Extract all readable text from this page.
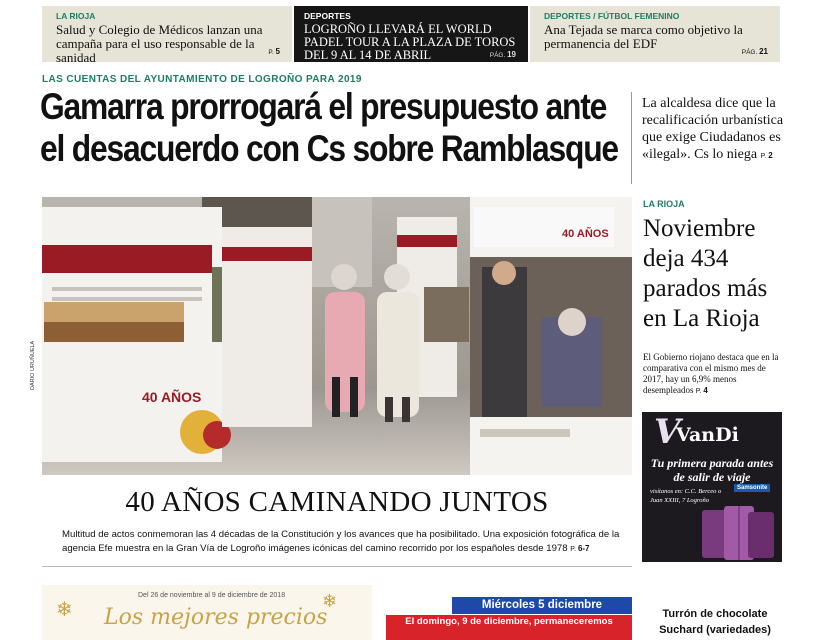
LA RIOJA
Salud y Colegio de Médicos lanzan una campaña para el uso responsable de la sanidad	P. 5
DEPORTES
LOGROÑO LLEVARÁ EL WORLD PADEL TOUR A LA PLAZA DE TOROS DEL 9 AL 14 DE ABRIL	PÁG. 19
DEPORTES / FÚTBOL FEMENINO
Ana Tejada se marca como objetivo la permanencia del EDF
PÁG. 21
LAS CUENTAS DEL AYUNTAMIENTO DE LOGROÑO PARA 2019
Gamarra prorrogará el presupuesto ante
el desacuerdo con Cs sobre Ramblasque
La alcaldesa dice que la recalificación urbanística que exige Ciudadanos es «ilegal». Cs lo niega P. 2
40 AÑOS
40 AÑOS
DARIO URUÑUELA
40 AÑOS CAMINANDO JUNTOS
Multitud de actos conmemoran las 4 décadas de la Constitución y los avances que ha posibilitado. Una exposición fotográfica de la agencia Efe muestra en la Gran Vía de Logroño imágenes icónicas del camino recorrido por los españoles desde 1978 P. 6-7
LA RIOJA
Noviembre deja 434 parados más en La Rioja
El Gobierno riojano destaca que en la comparativa con el mismo mes de 2017, hay un 6,9% menos desempleados P. 4
V
VanDi
Tu primera parada antes de salir de viaje
visítanos en: C.C. Berceo o Juan XXIII, 7 Logroño
Samsonite
Del 26 de noviembre al 9 de diciembre de 2018
Los mejores precios
❄	❄	Miércoles 5 diciembre
El domingo, 9 de diciembre, permaneceremos
Turrón de chocolate Suchard (variedades)
